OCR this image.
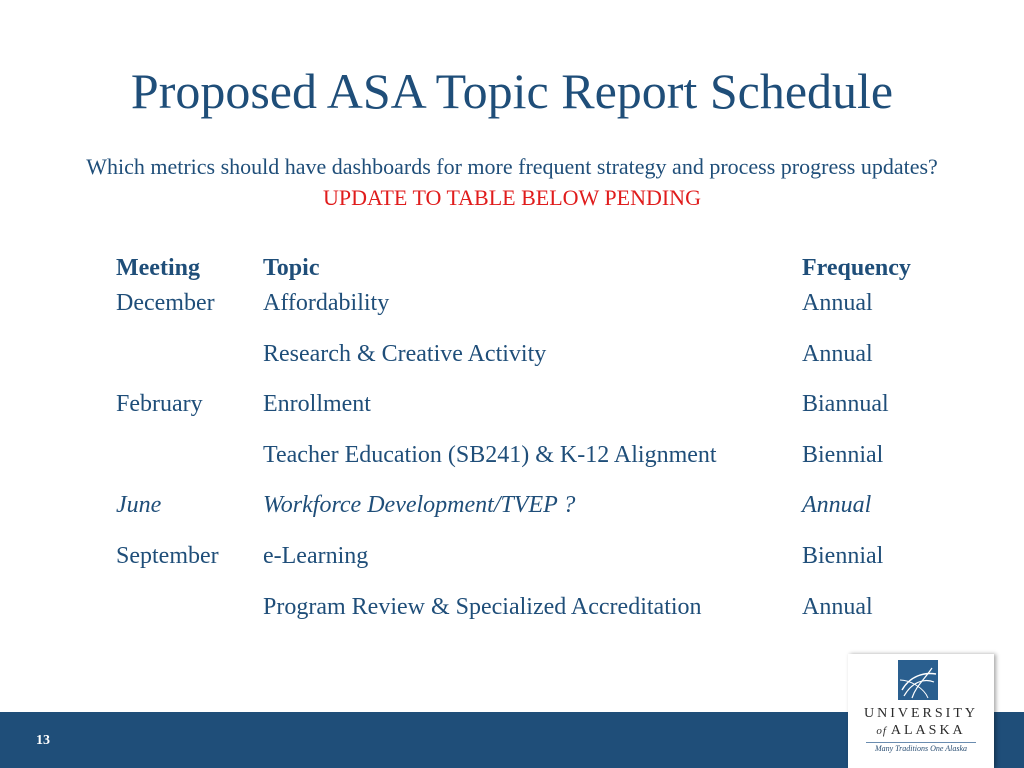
Proposed ASA Topic Report Schedule
Which metrics should have dashboards for more frequent strategy and process progress updates? UPDATE TO TABLE BELOW PENDING
Meeting	Topic	Frequency
December	Affordability	Annual
	Research & Creative Activity	Annual
February	Enrollment	Biannual
	Teacher Education (SB241) & K-12 Alignment	Biennial
June	Workforce Development/TVEP ?	Annual
September	e-Learning	Biennial
	Program Review & Specialized Accreditation	Annual
13
UNIVERSITY
of ALASKA
Many Traditions One Alaska
